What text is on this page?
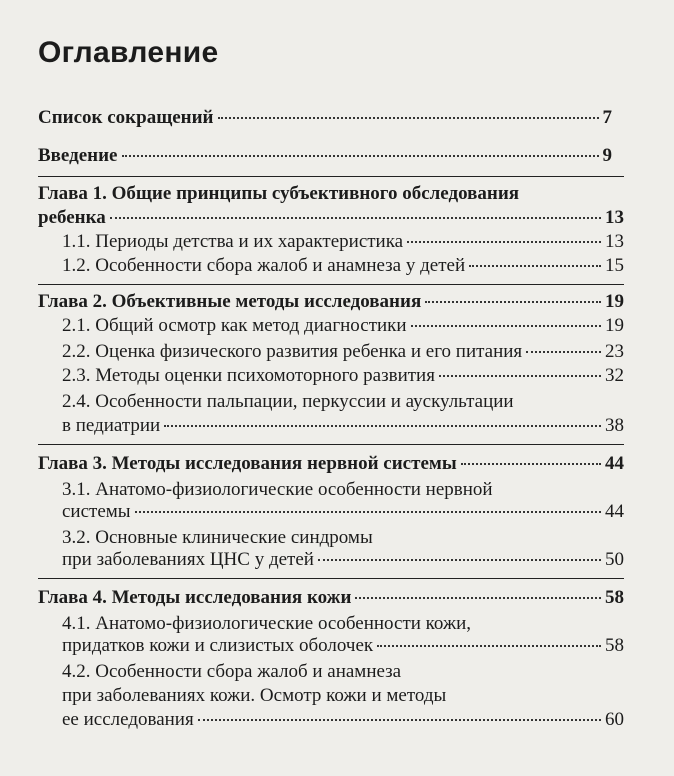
Оглавление
Список сокращений	7
Введение	9
Глава 1. Общие принципы субъективного обследования
ребенка	13
1.1. Периоды детства и их характеристика	13
1.2. Особенности сбора жалоб и анамнеза у детей	15
Глава 2. Объективные методы исследования	19
2.1. Общий осмотр как метод диагностики	19
2.2. Оценка физического развития ребенка и его питания	23
2.3. Методы оценки психомоторного развития	32
2.4. Особенности пальпации, перкуссии и аускультации
в педиатрии	38
Глава 3. Методы исследования нервной системы	44
3.1. Анатомо-физиологические особенности нервной
системы	44
3.2. Основные клинические синдромы
при заболеваниях ЦНС у детей	50
Глава 4. Методы исследования кожи	58
4.1. Анатомо-физиологические особенности кожи,
придатков кожи и слизистых оболочек	58
4.2. Особенности сбора жалоб и анамнеза
при заболеваниях кожи. Осмотр кожи и методы
ее исследования	60
